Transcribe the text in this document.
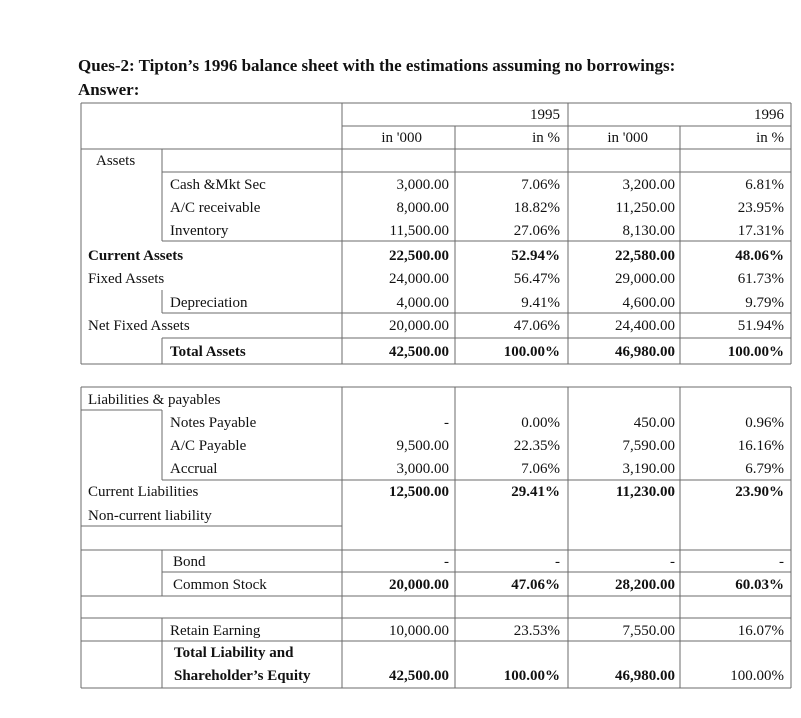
Ques-2: Tipton’s 1996 balance sheet with the estimations assuming no borrowings:
Answer:
1995	1996
in '000	in %	in '000	in %
Assets
Cash &Mkt Sec	3,000.00	7.06%	3,200.00	6.81%
A/C receivable	8,000.00	18.82%	11,250.00	23.95%
Inventory	11,500.00	27.06%	8,130.00	17.31%
Current Assets	22,500.00	52.94%	22,580.00	48.06%
Fixed Assets	24,000.00	56.47%	29,000.00	61.73%
Depreciation	4,000.00	9.41%	4,600.00	9.79%
Net Fixed Assets	20,000.00	47.06%	24,400.00	51.94%
Total Assets	42,500.00	100.00%	46,980.00	100.00%
Liabilities & payables
Notes Payable	-	0.00%	450.00	0.96%
A/C Payable	9,500.00	22.35%	7,590.00	16.16%
Accrual	3,000.00	7.06%	3,190.00	6.79%
Current Liabilities	12,500.00	29.41%	11,230.00	23.90%
Non-current liability
Bond	-	-	-	-
Common Stock	20,000.00	47.06%	28,200.00	60.03%
Retain Earning	10,000.00	23.53%	7,550.00	16.07%
Total Liability and
Shareholder’s Equity	42,500.00	100.00%	46,980.00	100.00%
